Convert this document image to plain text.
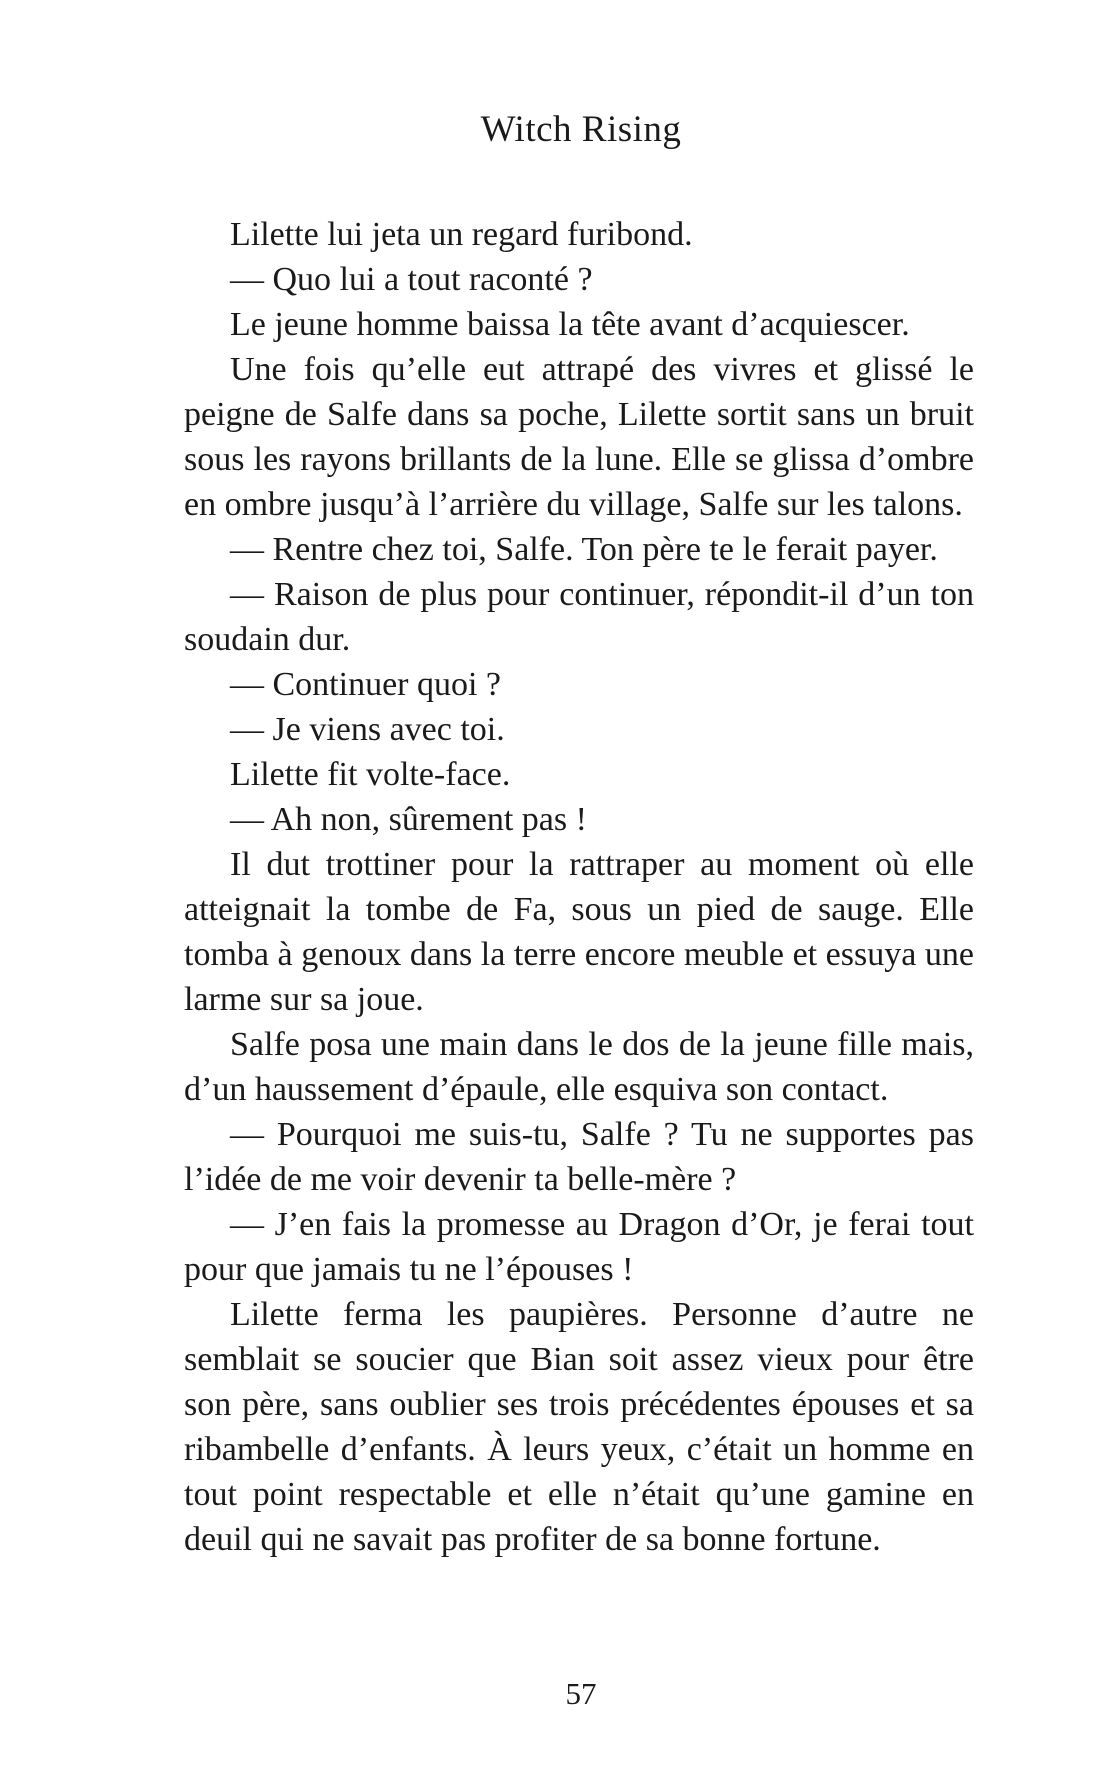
Witch Rising

Lilette lui jeta un regard furibond.

— Quo lui a tout raconté ?

Le jeune homme baissa la tête avant d’acquiescer.

Une fois qu’elle eut attrapé des vivres et glissé le peigne de Salfe dans sa poche, Lilette sortit sans un bruit sous les rayons brillants de la lune. Elle se glissa d’ombre en ombre jusqu’à l’arrière du village, Salfe sur les talons.

— Rentre chez toi, Salfe. Ton père te le ferait payer.

— Raison de plus pour continuer, répondit-il d’un ton soudain dur.

— Continuer quoi ?

— Je viens avec toi.

Lilette fit volte-face.

— Ah non, sûrement pas !

Il dut trottiner pour la rattraper au moment où elle atteignait la tombe de Fa, sous un pied de sauge. Elle tomba à genoux dans la terre encore meuble et essuya une larme sur sa joue.

Salfe posa une main dans le dos de la jeune fille mais, d’un haussement d’épaule, elle esquiva son contact.

— Pourquoi me suis-tu, Salfe ? Tu ne supportes pas l’idée de me voir devenir ta belle-mère ?

— J’en fais la promesse au Dragon d’Or, je ferai tout pour que jamais tu ne l’épouses !

Lilette ferma les paupières. Personne d’autre ne semblait se soucier que Bian soit assez vieux pour être son père, sans oublier ses trois précédentes épouses et sa ribambelle d’enfants. À leurs yeux, c’était un homme en tout point respectable et elle n’était qu’une gamine en deuil qui ne savait pas profiter de sa bonne fortune.

57
